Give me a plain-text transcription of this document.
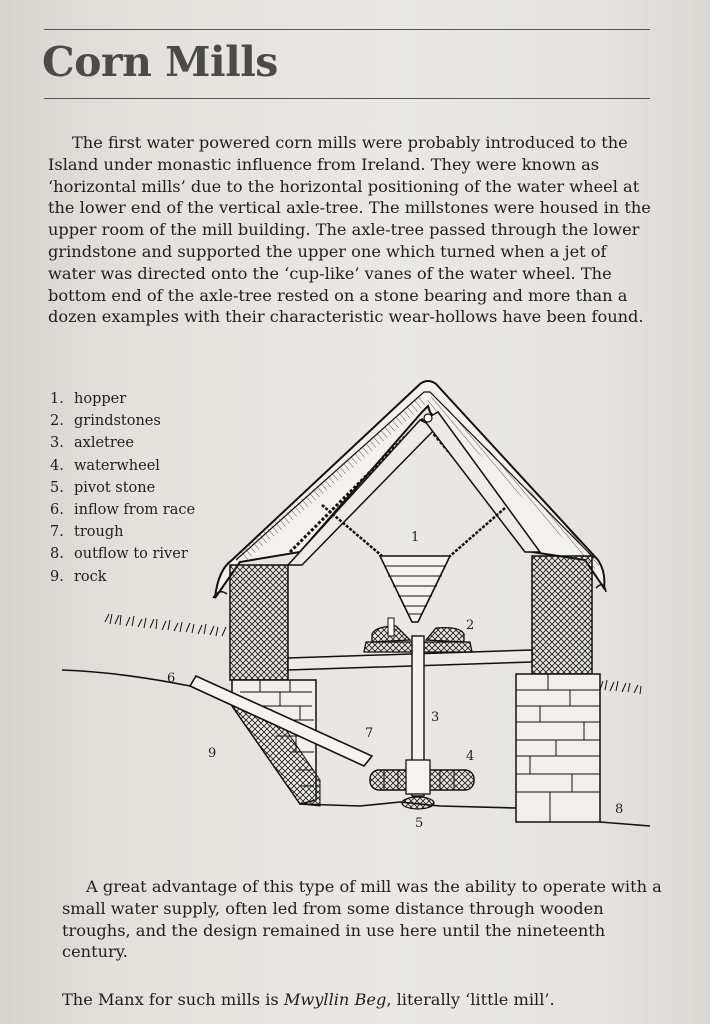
Corn Mills

The first water powered corn mills were probably introduced to the Island under monastic influence from Ireland. They were known as ‘horizontal mills’ due to the horizontal positioning of the water wheel at the lower end of the vertical axle-tree. The millstones were housed in the upper room of the mill building. The axle-tree passed through the lower grindstone and supported the upper one which turned when a jet of water was directed onto the ‘cup-like’ vanes of the water wheel. The bottom end of the axle-tree rested on a stone bearing and more than a dozen examples with their characteristic wear-hollows have been found.

1. hopper
2. grindstones
3. axletree
4. waterwheel
5. pivot stone
6. inflow from race
7. trough
8. outflow to river
9. rock
1
2
3
4
5
6
7
8
9

A great advantage of this type of mill was the ability to operate with a small water supply, often led from some distance through wooden troughs, and the design remained in use here until the nineteenth century.

The Manx for such mills is Mwyllin Beg, literally ‘little mill’.
